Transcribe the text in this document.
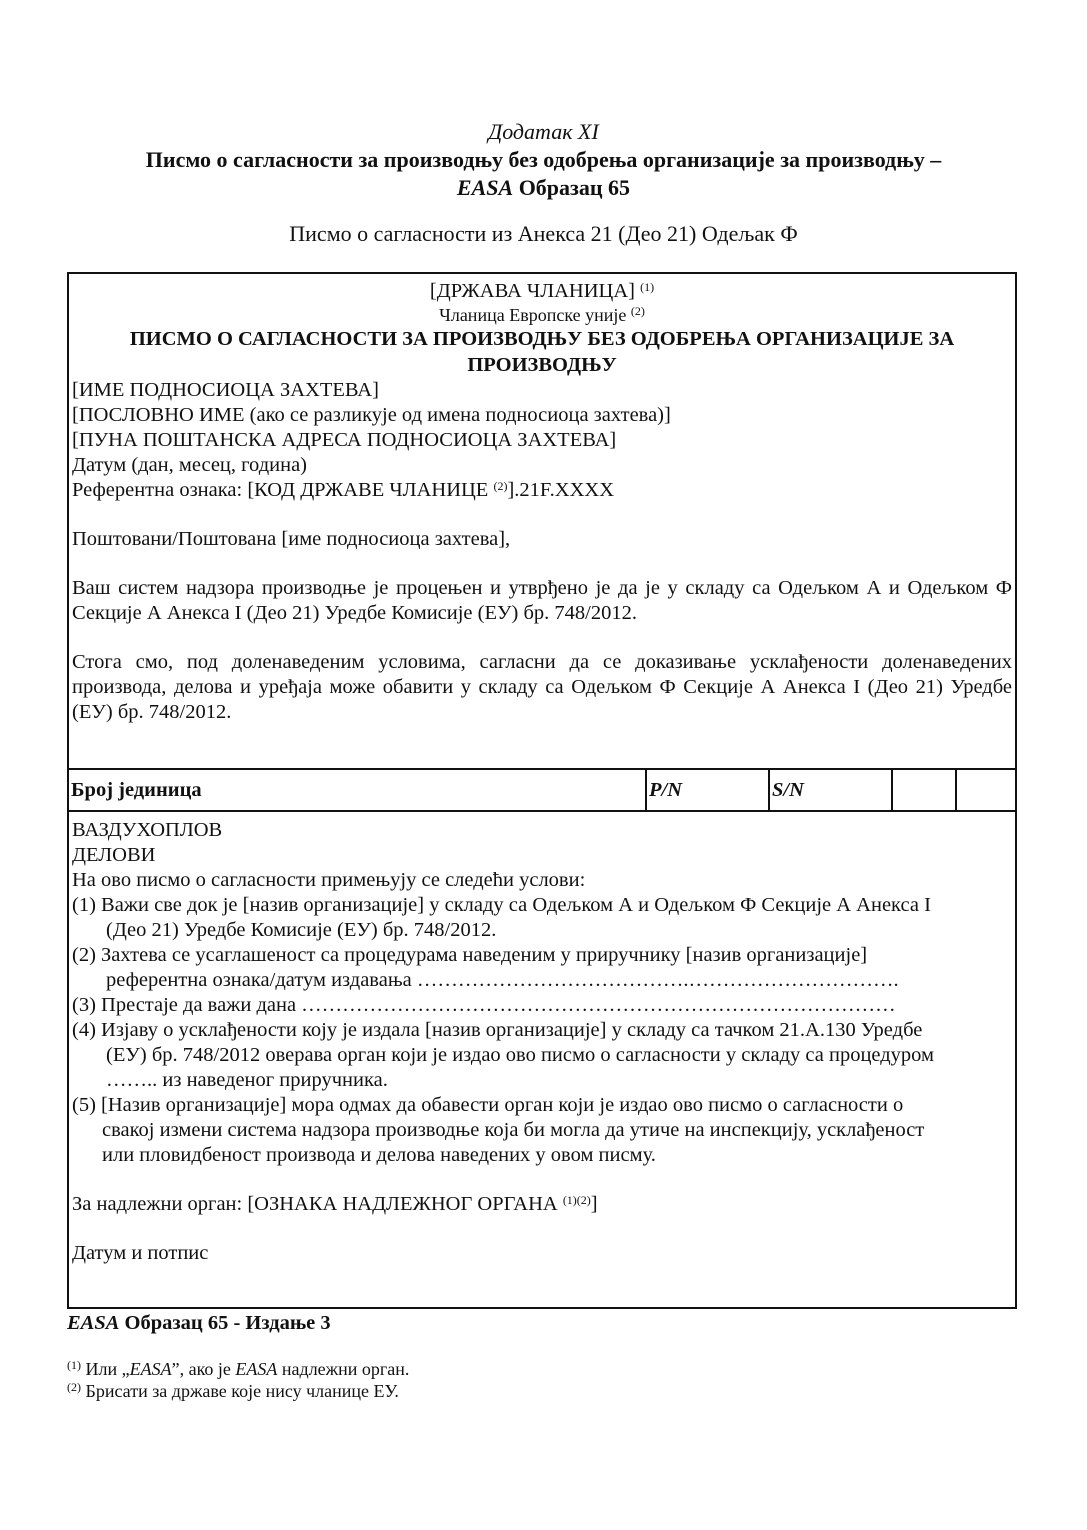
Додатак XI

Писмо о сагласности за производњу без одобрења организације за производњу –

EASA Образац 65

Писмо о сагласности из Анекса 21 (Део 21) Одељак Ф

[ДРЖАВА ЧЛАНИЦА] $^{(1)}$
Чланица Европске уније $^{(2)}$
ПИСМО О САГЛАСНОСТИ ЗА ПРОИЗВОДЊУ БЕЗ ОДОБРЕЊА ОРГАНИЗАЦИЈЕ ЗА
ПРОИЗВОДЊУ
[ИМЕ ПОДНОСИОЦА ЗАХТЕВА]
[ПОСЛОВНО ИМЕ (ако се разликује од имена подносиоца захтева)]
[ПУНА ПОШТАНСКА АДРЕСА ПОДНОСИОЦА ЗАХТЕВА]
Датум (дан, месец, година)
Референтна ознака: [КОД ДРЖАВЕ ЧЛАНИЦЕ $^{(2)}$].21F.XXXX
Поштовани/Поштована [име подносиоца захтева],
Ваш систем надзора производње је процењен и утврђено је да је у складу са Одељком А и Одељком Ф Секције А Анекса I (Део 21) Уредбе Комисије (ЕУ) бр. 748/2012.
Стога смо, под доленаведеним условима, сагласни да се доказивање усклађености доленаведених производа, делова и уређаја може обавити у складу са Одељком Ф Секције А Анекса I (Део 21) Уредбе (ЕУ) бр. 748/2012.
Број јединица	P/N	S/N		
ВАЗДУХОПЛОВ
ДЕЛОВИ
На ово писмо о сагласности примењују се следећи услови:
(1) Важи све док је [назив организације] у складу са Одељком А и Одељком Ф Секције А Анекса I
(Део 21) Уредбе Комисије (ЕУ) бр. 748/2012.
(2) Захтева се усаглашеност са процедурама наведеним у приручнику [назив организације]
референтна ознака/датум издавања ………………………………….………………………….
(3) Престаје да важи дана ……………………………………………………………………………
(4) Изјаву о усклађености коју је издала [назив организације] у складу са тачком 21.А.130 Уредбе
(ЕУ) бр. 748/2012 оверава орган који је издао ово писмо о сагласности у складу са процедуром
…….. из наведеног приручника.
(5) [Назив организације] мора одмах да обавести орган који је издао ово писмо о сагласности о
свакој измени система надзора производње која би могла да утиче на инспекцију, усклађеност
или пловидбеност производа и делова наведених у овом писму.
За надлежни орган: [ОЗНАКА НАДЛЕЖНОГ ОРГАНА $^{(1)(2)}$]
Датум и потпис
EASA Образац 65 - Издање 3
$^{(1)}$ Или „EASA”, ако је EASA надлежни орган.
$^{(2)}$ Брисати за државе које нису чланице ЕУ.
